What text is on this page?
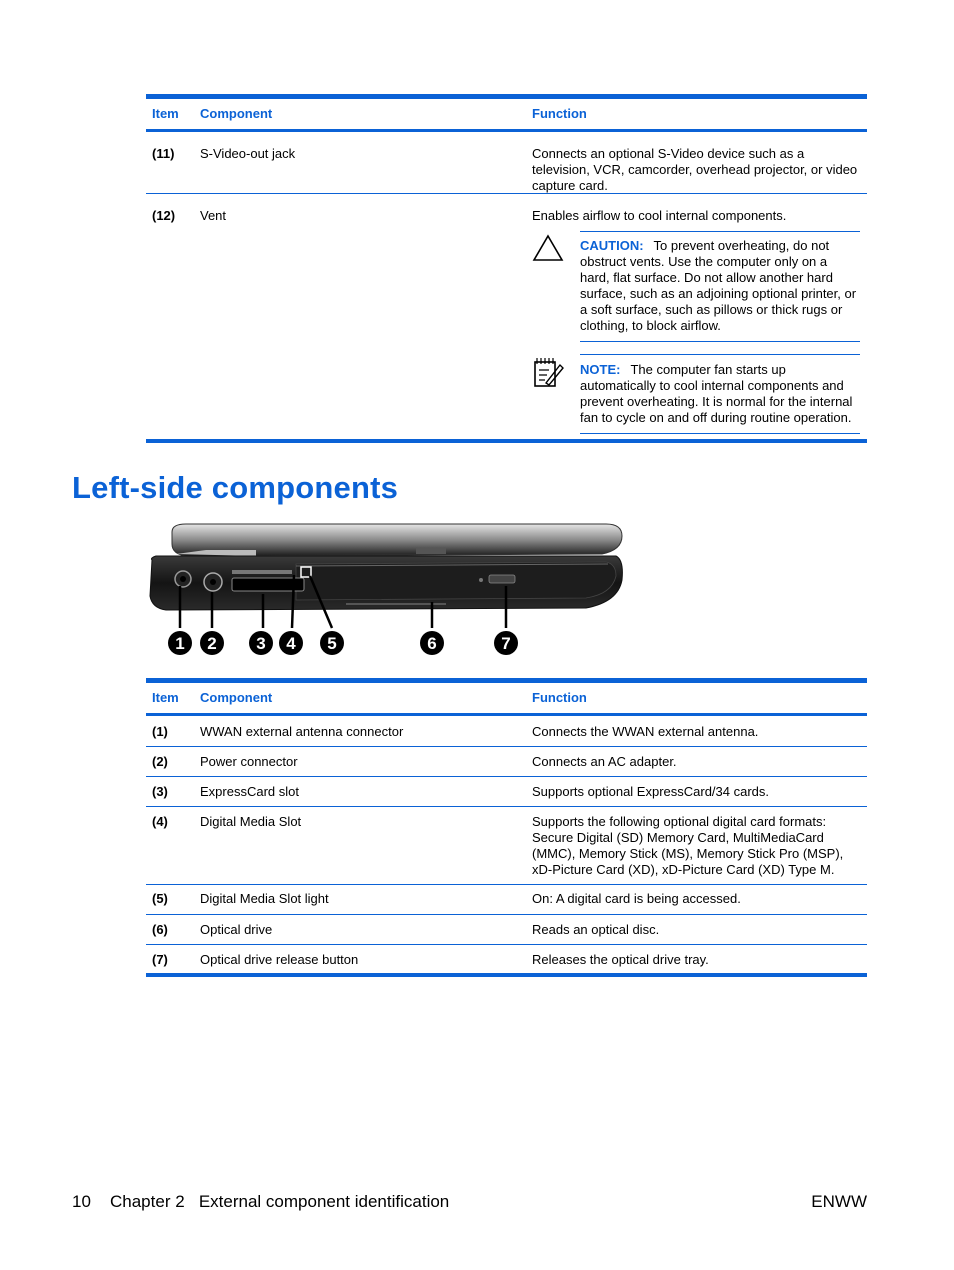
Item Component	Function
(11) S-Video-out jack	Connects an optional S-Video device such as a television, VCR, camcorder, overhead projector, or video capture card.
(12) Vent	Enables airflow to cool internal components.
CAUTION: To prevent overheating, do not obstruct vents. Use the computer only on a hard, flat surface. Do not allow another hard surface, such as an adjoining optional printer, or a soft surface, such as pillows or thick rugs or clothing, to block airflow.
NOTE: The computer fan starts up automatically to cool internal components and prevent overheating. It is normal for the internal fan to cycle on and off during routine operation.
Left-side components
1 2 3 4 5	6	7
Item Component	Function
(1) WWAN external antenna connector	Connects the WWAN external antenna.
(2) Power connector	Connects an AC adapter.
(3) ExpressCard slot	Supports optional ExpressCard/34 cards.
(4) Digital Media Slot	Supports the following optional digital card formats: Secure Digital (SD) Memory Card, MultiMediaCard (MMC), Memory Stick (MS), Memory Stick Pro (MSP), xD-Picture Card (XD), xD-Picture Card (XD) Type M.
(5) Digital Media Slot light	On: A digital card is being accessed.
(6) Optical drive	Reads an optical disc.
(7) Optical drive release button	Releases the optical drive tray.
10 Chapter 2   External component identification	ENWW
